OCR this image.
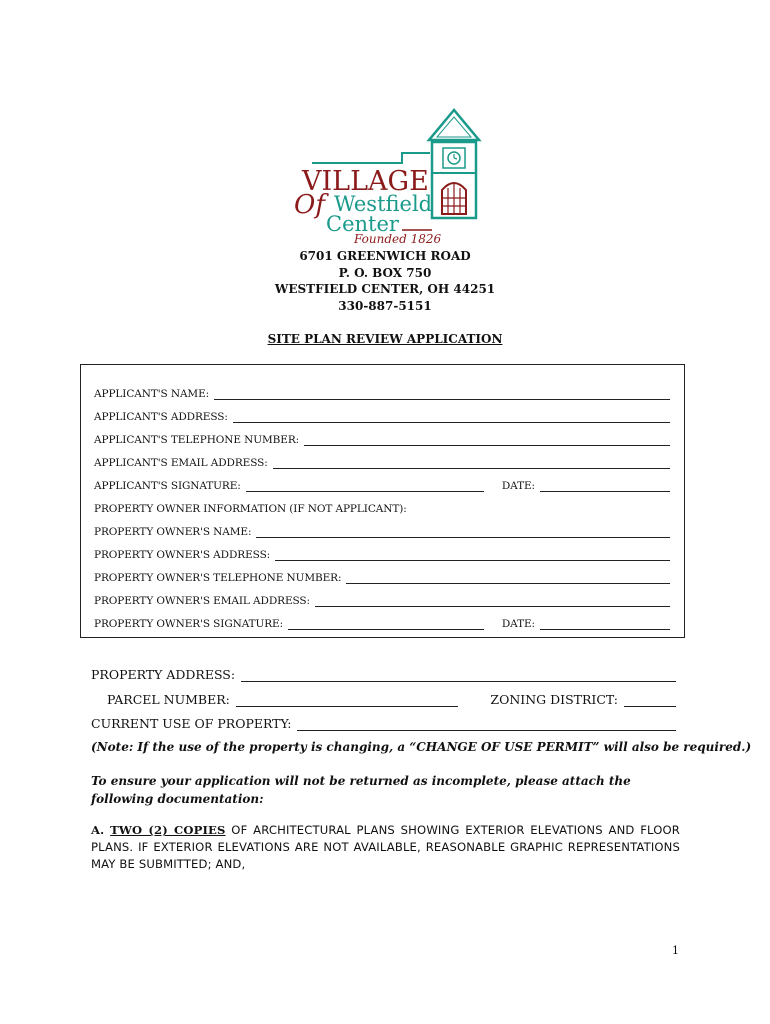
VILLAGE
Of Westfield
Center
Founded 1826
6701 GREENWICH ROAD
P. O. BOX 750
WESTFIELD CENTER, OH 44251
330-887-5151
SITE PLAN REVIEW APPLICATION
APPLICANT'S NAME:
APPLICANT'S ADDRESS:
APPLICANT'S TELEPHONE NUMBER:
APPLICANT'S EMAIL ADDRESS:
APPLICANT'S SIGNATURE:	DATE:
PROPERTY OWNER INFORMATION (IF NOT APPLICANT):
PROPERTY OWNER'S NAME:
PROPERTY OWNER'S ADDRESS:
PROPERTY OWNER'S TELEPHONE NUMBER:
PROPERTY OWNER'S EMAIL ADDRESS:
PROPERTY OWNER'S SIGNATURE:	DATE:
PROPERTY ADDRESS:
PARCEL NUMBER:	ZONING DISTRICT:
CURRENT USE OF PROPERTY:
(Note: If the use of the property is changing, a “CHANGE OF USE PERMIT” will also be required.)
To ensure your application will not be returned as incomplete, please attach the following documentation:
A. TWO (2) COPIES OF ARCHITECTURAL PLANS SHOWING EXTERIOR ELEVATIONS AND FLOOR PLANS. IF EXTERIOR ELEVATIONS ARE NOT AVAILABLE, REASONABLE GRAPHIC REPRESENTATIONS MAY BE SUBMITTED; AND,
1
